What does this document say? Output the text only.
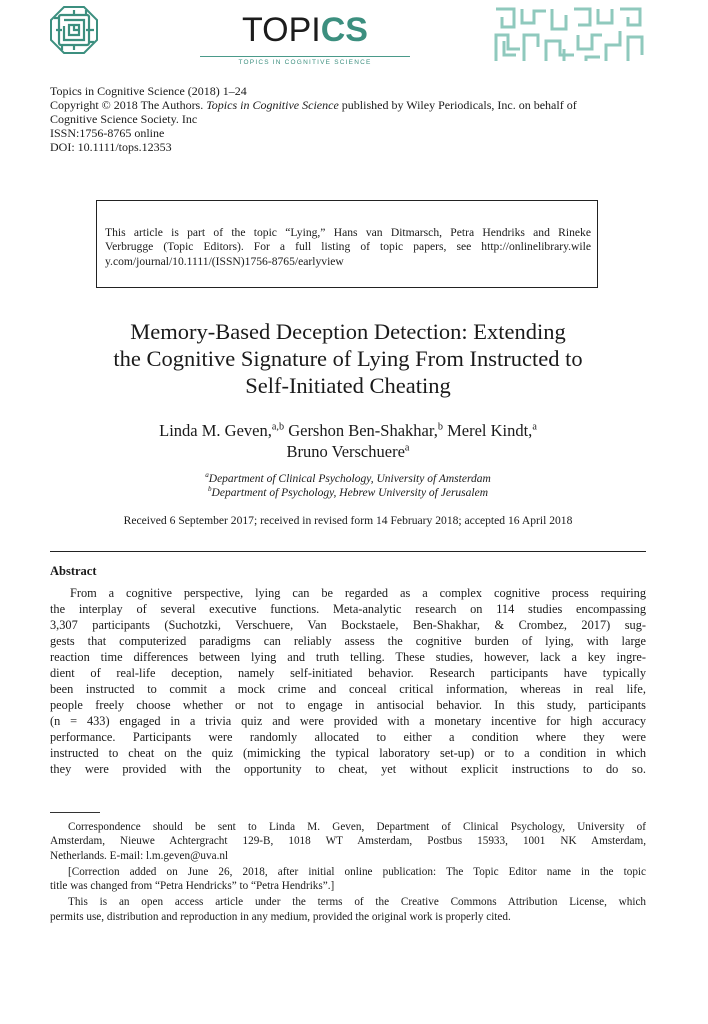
TOPICS
TOPICS IN COGNITIVE SCIENCE
Topics in Cognitive Science (2018) 1–24
Copyright © 2018 The Authors. Topics in Cognitive Science published by Wiley Periodicals, Inc. on behalf of
Cognitive Science Society. Inc
ISSN:1756-8765 online
DOI: 10.1111/tops.12353
This article is part of the topic “Lying,” Hans van Ditmarsch, Petra Hendriks and Rineke
Verbrugge (Topic Editors). For a full listing of topic papers, see http://onlinelibrary.wile
y.com/journal/10.1111/(ISSN)1756-8765/earlyview
Memory-Based Deception Detection: Extending
the Cognitive Signature of Lying From Instructed to
Self-Initiated Cheating
Linda M. Geven,$^{a,b}$ Gershon Ben-Shakhar,$^b$ Merel Kindt,$^a$
Bruno Verschuere$^a$
$^a$Department of Clinical Psychology, University of Amsterdam
$^b$Department of Psychology, Hebrew University of Jerusalem
Received 6 September 2017; received in revised form 14 February 2018; accepted 16 April 2018
Abstract
From a cognitive perspective, lying can be regarded as a complex cognitive process requiring
the interplay of several executive functions. Meta-analytic research on 114 studies encompassing
3,307 participants (Suchotzki, Verschuere, Van Bockstaele, Ben-Shakhar, & Crombez, 2017) sug-
gests that computerized paradigms can reliably assess the cognitive burden of lying, with large
reaction time differences between lying and truth telling. These studies, however, lack a key ingre-
dient of real-life deception, namely self-initiated behavior. Research participants have typically
been instructed to commit a mock crime and conceal critical information, whereas in real life,
people freely choose whether or not to engage in antisocial behavior. In this study, participants
(n = 433) engaged in a trivia quiz and were provided with a monetary incentive for high accuracy
performance. Participants were randomly allocated to either a condition where they were
instructed to cheat on the quiz (mimicking the typical laboratory set-up) or to a condition in which
they were provided with the opportunity to cheat, yet without explicit instructions to do so.
Correspondence should be sent to Linda M. Geven, Department of Clinical Psychology, University of
Amsterdam, Nieuwe Achtergracht 129-B, 1018 WT Amsterdam, Postbus 15933, 1001 NK Amsterdam,
Netherlands. E-mail: l.m.geven@uva.nl
[Correction added on June 26, 2018, after initial online publication: The Topic Editor name in the topic
title was changed from “Petra Hendricks” to “Petra Hendriks”.]
This is an open access article under the terms of the Creative Commons Attribution License, which
permits use, distribution and reproduction in any medium, provided the original work is properly cited.
